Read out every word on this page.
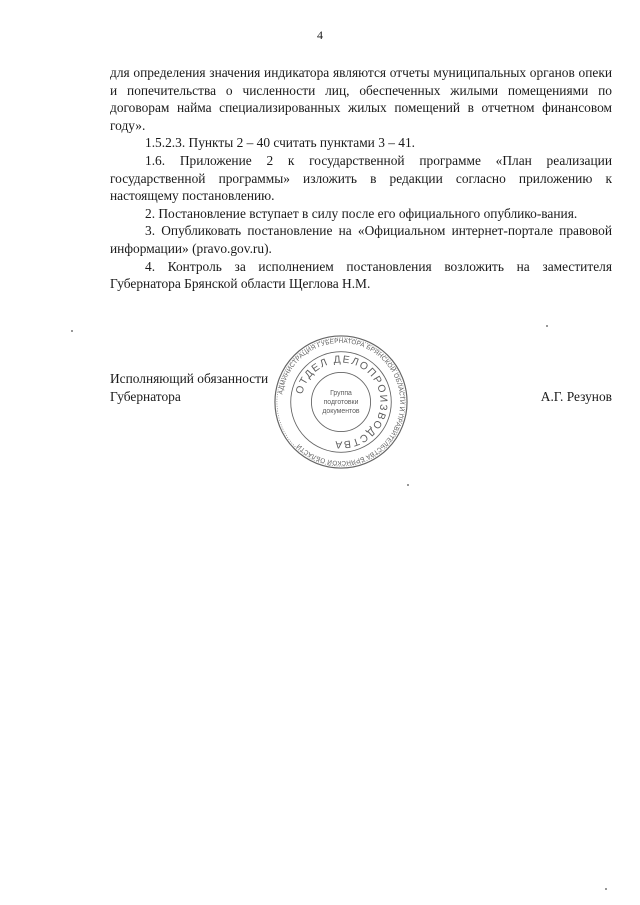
4

для определения значения индикатора являются отчеты муниципальных органов опеки и попечительства о численности лиц, обеспеченных жилыми помещениями по договорам найма специализированных жилых помещений в отчетном финансовом году».

1.5.2.3. Пункты 2 – 40 считать пунктами 3 – 41.

1.6. Приложение 2 к государственной программе «План реализации государственной программы» изложить в редакции согласно приложению к настоящему постановлению.

2. Постановление вступает в силу после его официального опублико-вания.

3. Опубликовать постановление на «Официальном интернет-портале правовой информации» (pravo.gov.ru).

4. Контроль за исполнением постановления возложить на заместителя Губернатора Брянской области Щеглова Н.М.

Исполняющий обязанности
Губернатора	А.Г. Резунов
АДМИНИСТРАЦИЯ ГУБЕРНАТОРА БРЯНСКОЙ ОБЛАСТИ И ПРАВИТЕЛЬСТВА БРЯНСКОЙ ОБЛАСТИ
ОТДЕЛ ДЕЛОПРОИЗВОДСТВА
Группа
подготовки
документов
